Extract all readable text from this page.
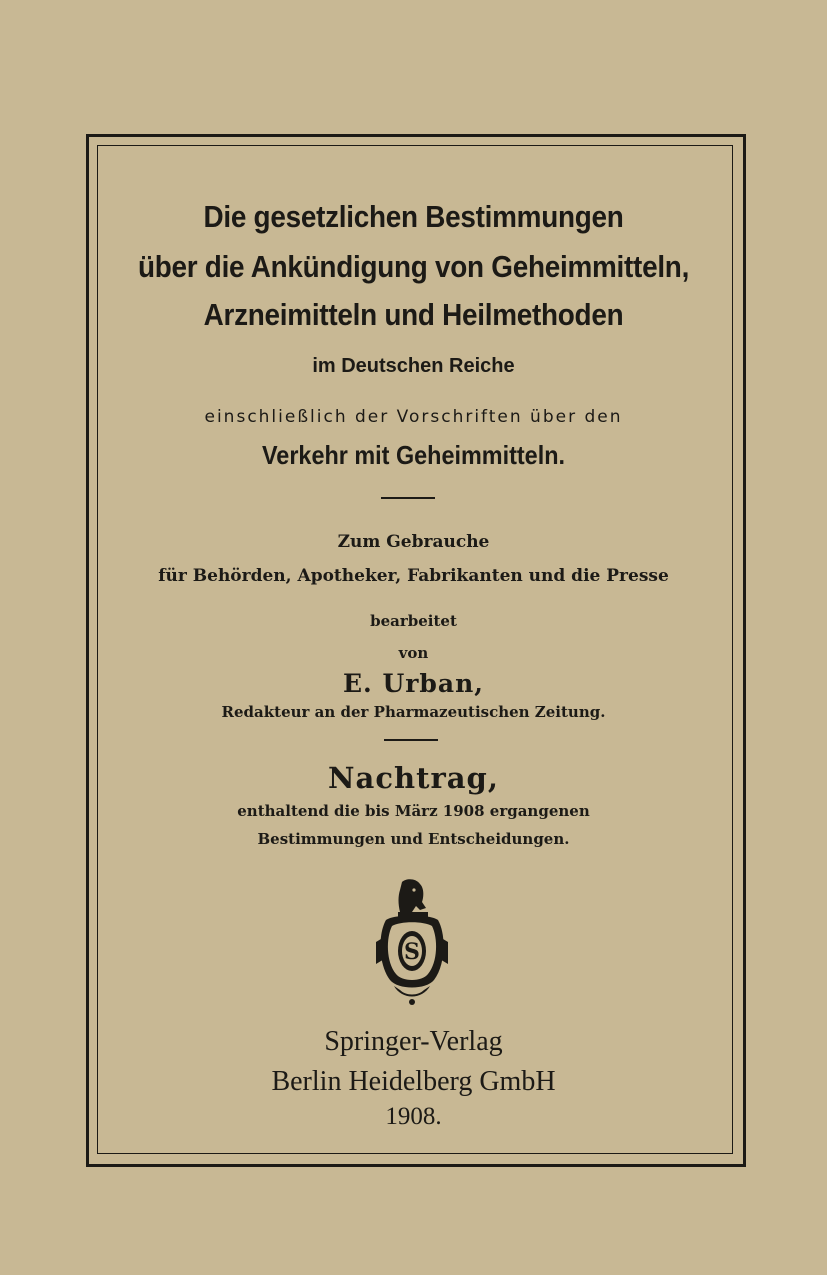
Die gesetzlichen Bestimmungen
über die Ankündigung von Geheimmitteln,
Arzneimitteln und Heilmethoden
im Deutschen Reiche
einschließlich der Vorschriften über den
Verkehr mit Geheimmitteln.
Zum Gebrauche
für Behörden, Apotheker, Fabrikanten und die Presse
bearbeitet
von
E. Urban,
Redakteur an der Pharmazeutischen Zeitung.
Nachtrag,
enthaltend die bis März 1908 ergangenen
Bestimmungen und Entscheidungen.
S
Springer-Verlag
Berlin Heidelberg GmbH
1908.
